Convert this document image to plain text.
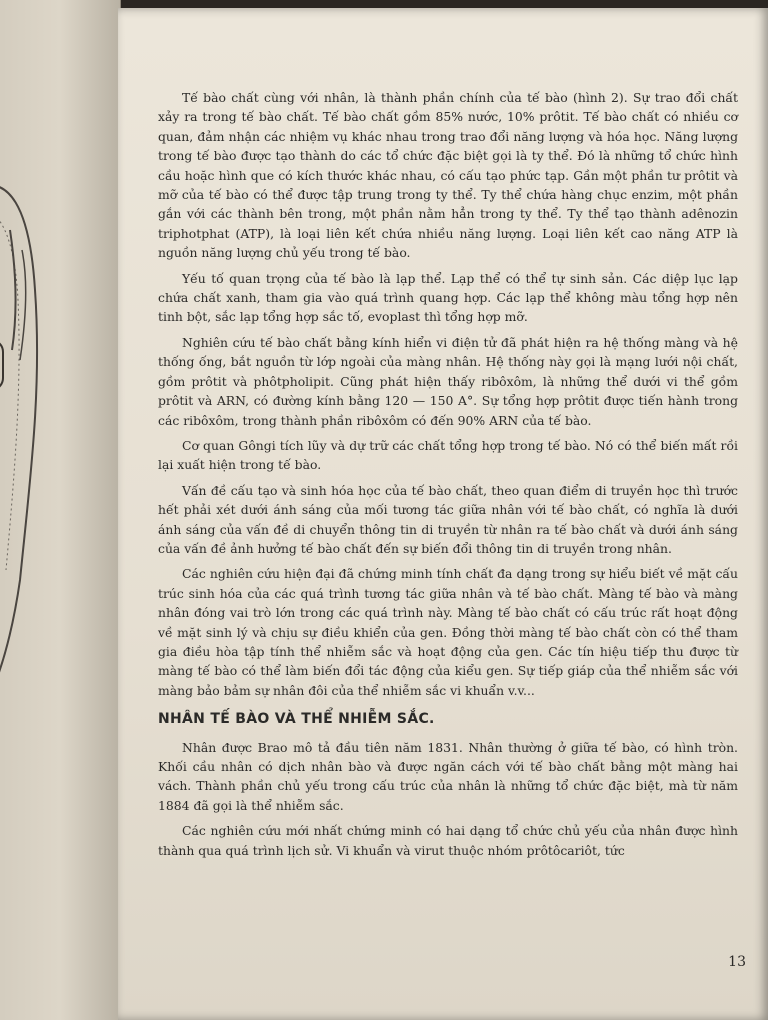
Tế bào chất cùng với nhân, là thành phần chính của tế bào (hình 2). Sự trao đổi chất xảy ra trong tế bào chất. Tế bào chất gồm 85% nước, 10% prôtit. Tế bào chất có nhiều cơ quan, đảm nhận các nhiệm vụ khác nhau trong trao đổi năng lượng và hóa học. Năng lượng trong tế bào được tạo thành do các tổ chức đặc biệt gọi là ty thể. Đó là những tổ chức hình cầu hoặc hình que có kích thước khác nhau, có cấu tạo phức tạp. Gần một phần tư prôtit và mỡ của tế bào có thể được tập trung trong ty thể. Ty thể chứa hàng chục enzim, một phần gắn với các thành bên trong, một phần nằm hẳn trong ty thể. Ty thể tạo thành adênozin triphotphat (ATP), là loại liên kết chứa nhiều năng lượng. Loại liên kết cao năng ATP là nguồn năng lượng chủ yếu trong tế bào.

Yếu tố quan trọng của tế bào là lạp thể. Lạp thể có thể tự sinh sản. Các diệp lục lạp chứa chất xanh, tham gia vào quá trình quang hợp. Các lạp thể không màu tổng hợp nên tinh bột, sắc lạp tổng hợp sắc tố, evoplast thì tổng hợp mỡ.

Nghiên cứu tế bào chất bằng kính hiển vi điện tử đã phát hiện ra hệ thống màng và hệ thống ống, bắt nguồn từ lớp ngoài của màng nhân. Hệ thống này gọi là mạng lưới nội chất, gồm prôtit và phôtpholipit. Cũng phát hiện thấy ribôxôm, là những thể dưới vi thể gồm prôtit và ARN, có đường kính bằng 120 — 150 A°. Sự tổng hợp prôtit được tiến hành trong các ribôxôm, trong thành phần ribôxôm có đến 90% ARN của tế bào.

Cơ quan Gôngi tích lũy và dự trữ các chất tổng hợp trong tế bào. Nó có thể biến mất rồi lại xuất hiện trong tế bào.

Vấn đề cấu tạo và sinh hóa học của tế bào chất, theo quan điểm di truyền học thì trước hết phải xét dưới ánh sáng của mối tương tác giữa nhân với tế bào chất, có nghĩa là dưới ánh sáng của vấn đề di chuyển thông tin di truyền từ nhân ra tế bào chất và dưới ánh sáng của vấn đề ảnh hưởng tế bào chất đến sự biến đổi thông tin di truyền trong nhân.

Các nghiên cứu hiện đại đã chứng minh tính chất đa dạng trong sự hiểu biết về mặt cấu trúc sinh hóa của các quá trình tương tác giữa nhân và tế bào chất. Màng tế bào và màng nhân đóng vai trò lớn trong các quá trình này. Màng tế bào chất có cấu trúc rất hoạt động về mặt sinh lý và chịu sự điều khiển của gen. Đồng thời màng tế bào chất còn có thể tham gia điều hòa tập tính thể nhiễm sắc và hoạt động của gen. Các tín hiệu tiếp thu được từ màng tế bào có thể làm biến đổi tác động của kiểu gen. Sự tiếp giáp của thể nhiễm sắc với màng bảo bảm sự nhân đôi của thể nhiễm sắc vi khuẩn v.v...

NHÂN TẾ BÀO VÀ THỂ NHIỄM SẮC.

Nhân được Brao mô tả đầu tiên năm 1831. Nhân thường ở giữa tế bào, có hình tròn. Khối cầu nhân có dịch nhân bào và được ngăn cách với tế bào chất bằng một màng hai vách. Thành phần chủ yếu trong cấu trúc của nhân là những tổ chức đặc biệt, mà từ năm 1884 đã gọi là thể nhiễm sắc.

Các nghiên cứu mới nhất chứng minh có hai dạng tổ chức chủ yếu của nhân được hình thành qua quá trình lịch sử. Vi khuẩn và virut thuộc nhóm prôtôcariôt, tức

13
